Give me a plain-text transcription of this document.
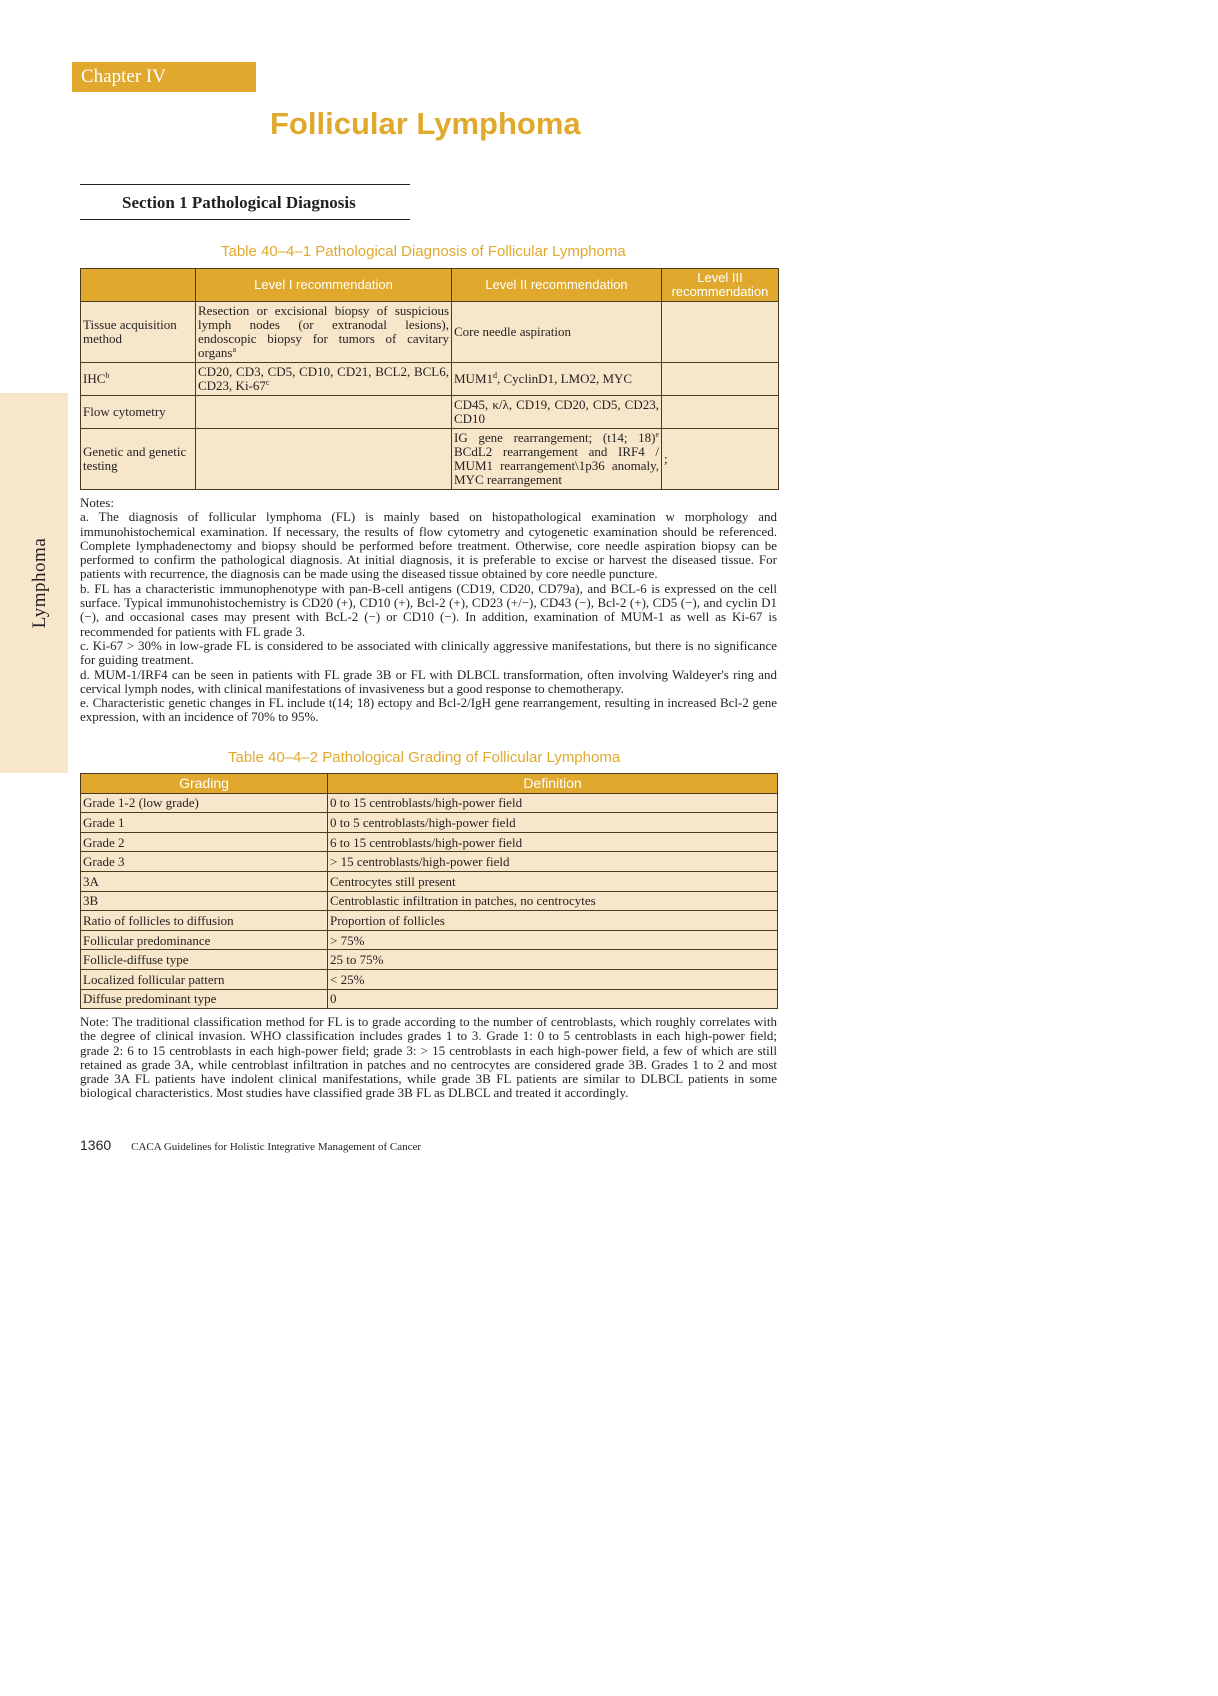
Lymphoma
Chapter IV
Follicular Lymphoma
Section 1 Pathological Diagnosis
Table 40–4–1 Pathological Diagnosis of Follicular Lymphoma
	Level I recommendation	Level II recommendation	Level III recommendation
Tissue acquisition method	Resection or excisional biopsy of suspicious lymph nodes (or extranodal lesions), endoscopic biopsy for tumors of cavitary organs$^a$	Core needle aspiration	
IHC$^b$	CD20, CD3, CD5, CD10, CD21, BCL2, BCL6, CD23, Ki-67$^c$	MUM1$^d$, CyclinD1, LMO2, MYC	
Flow cytometry		CD45, κ/λ, CD19, CD20, CD5, CD23, CD10	
Genetic and genetic testing		IG gene rearrangement; (t14; 18)$^e$ BCdL2 rearrangement and IRF4 / MUM1 rearrangement\1p36 anomaly, MYC rearrangement	;
Notes:
a. The diagnosis of follicular lymphoma (FL) is mainly based on histopathological examination w morphology and immunohistochemical examination. If necessary, the results of flow cytometry and cytogenetic examination should be referenced. Complete lymphadenectomy and biopsy should be performed before treatment. Otherwise, core needle aspiration biopsy can be performed to confirm the pathological diagnosis. At initial diagnosis, it is preferable to excise or harvest the diseased tissue. For patients with recurrence, the diagnosis can be made using the diseased tissue obtained by core needle puncture.
b. FL has a characteristic immunophenotype with pan-B-cell antigens (CD19, CD20, CD79a), and BCL-6 is expressed on the cell surface. Typical immunohistochemistry is CD20 (+), CD10 (+), Bcl-2 (+), CD23 (+/−), CD43 (−), Bcl-2 (+), CD5 (−), and cyclin D1 (−), and occasional cases may present with BcL-2 (−) or CD10 (−). In addition, examination of MUM-1 as well as Ki-67 is recommended for patients with FL grade 3.
c. Ki-67 > 30% in low-grade FL is considered to be associated with clinically aggressive manifestations, but there is no significance for guiding treatment.
d. MUM-1/IRF4 can be seen in patients with FL grade 3B or FL with DLBCL transformation, often involving Waldeyer's ring and cervical lymph nodes, with clinical manifestations of invasiveness but a good response to chemotherapy.
e. Characteristic genetic changes in FL include t(14; 18) ectopy and Bcl-2/IgH gene rearrangement, resulting in increased Bcl-2 gene expression, with an incidence of 70% to 95%.
Table 40–4–2 Pathological Grading of Follicular Lymphoma
Grading	Definition
Grade 1-2 (low grade)	0 to 15 centroblasts/high-power field
Grade 1	0 to 5 centroblasts/high-power field
Grade 2	6 to 15 centroblasts/high-power field
Grade 3	> 15 centroblasts/high-power field
3A	Centrocytes still present
3B	Centroblastic infiltration in patches, no centrocytes
Ratio of follicles to diffusion	Proportion of follicles
Follicular predominance	> 75%
Follicle-diffuse type	25 to 75%
Localized follicular pattern	< 25%
Diffuse predominant type	0
Note: The traditional classification method for FL is to grade according to the number of centroblasts, which roughly correlates with the degree of clinical invasion. WHO classification includes grades 1 to 3. Grade 1: 0 to 5 centroblasts in each high-power field; grade 2: 6 to 15 centroblasts in each high-power field; grade 3: > 15 centroblasts in each high-power field, a few of which are still retained as grade 3A, while centroblast infiltration in patches and no centrocytes are considered grade 3B. Grades 1 to 2 and most grade 3A FL patients have indolent clinical manifestations, while grade 3B FL patients are similar to DLBCL patients in some biological characteristics. Most studies have classified grade 3B FL as DLBCL and treated it accordingly.
1360 CACA Guidelines for Holistic Integrative Management of Cancer
